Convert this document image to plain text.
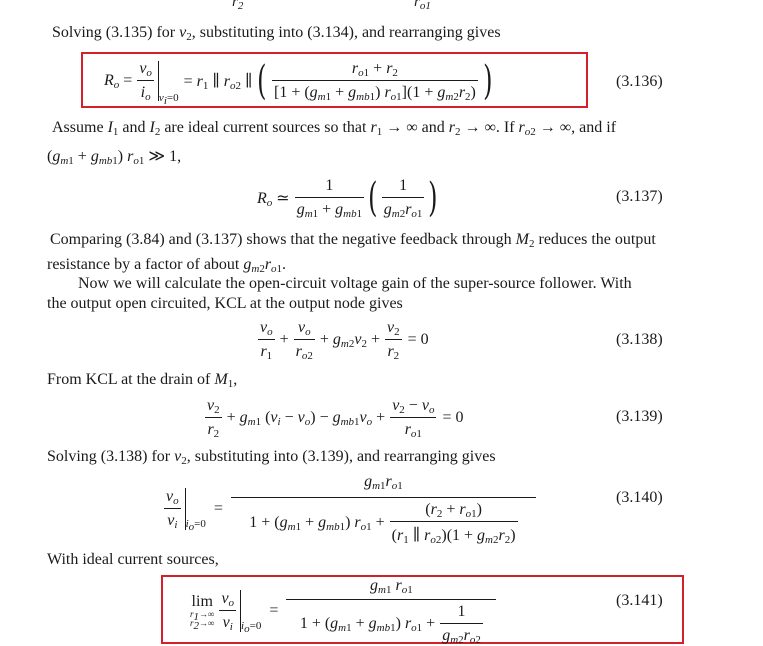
$r_2$	$r_{o1}$
Solving (3.135) for $v_2$, substituting into (3.134), and rearranging gives
$R_o = \frac{v_o}{i_o} v_i=0$
= $r_1$ ∥ $r_{o2}$ ∥ ( $\frac{r_{o1} + r_2}{[1 + (g_{m1} + g_{mb1}) r_{o1}](1 + g_{m2}r_2)}$ )	(3.136)
Assume $I_1$ and $I_2$ are ideal current sources so that $r_1$ → ∞ and $r_2$ → ∞. If $r_{o2}$ → ∞, and if
$(g_{m1} + g_{mb1})$ $r_{o1}$ ≫ 1,
$R_o$ ≃ $\frac{1}{g_{m1} + g_{mb1}}$ ( $\frac{1}{g_{m2}r_{o1}}$ )	(3.137)
Comparing (3.84) and (3.137) shows that the negative feedback through $M_2$ reduces the output
resistance by a factor of about $g_{m2}r_{o1}$.
Now we will calculate the open-circuit voltage gain of the super-source follower. With
the output open circuited, KCL at the output node gives
$\frac{v_o}{r_1} + \frac{v_o}{r_{o2}} + g_{m2}v_2 + \frac{v_2}{r_2} = 0$	(3.138)
From KCL at the drain of $M_1$,
$\frac{v_2}{r_2} + g_{m1}$ $(v_i - v_o) - g_{mb1}v_o + \frac{v_2 - v_o}{r_{o1}} = 0$	(3.139)
Solving (3.138) for $v_2$, substituting into (3.139), and rearranging gives
$\frac{v_o}{v_i} i_o=0$
=
$g_{m1}r_{o1}$
$1 + (g_{m1} + g_{mb1}) r_{o1} + \frac{(r_2 + r_{o1})}{(r_1 \parallel r_{o2})(1 + g_{m2}r_2)}$
(3.140)
With ideal current sources,
lim
$r_1\to\infty$
$r_2\to\infty \frac{v_o}{v_i} i_o=0$
= $\frac{g_{m1} r_{o1}}{1 + (g_{m1} + g_{mb1}) r_{o1} + \frac{1}{g_{m2}r_{o2}}}$	(3.141)
